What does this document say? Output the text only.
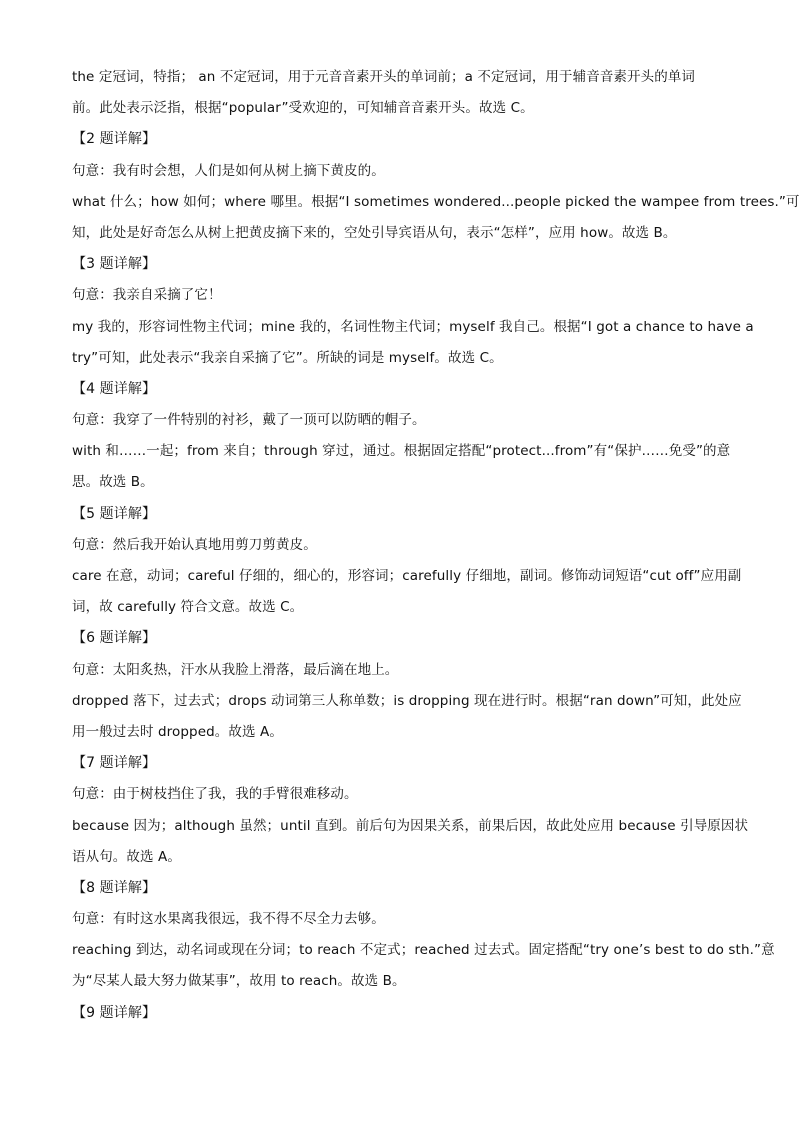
the 定冠词，特指； an 不定冠词，用于元音音素开头的单词前；a 不定冠词，用于辅音音素开头的单词
前。此处表示泛指，根据“popular”受欢迎的，可知辅音音素开头。故选 C。
【2 题详解】
句意：我有时会想，人们是如何从树上摘下黄皮的。
what 什么；how 如何；where 哪里。根据“I sometimes wondered...people picked the wampee from trees.”可
知，此处是好奇怎么从树上把黄皮摘下来的，空处引导宾语从句，表示“怎样”，应用 how。故选 B。
【3 题详解】
句意：我亲自采摘了它！
my 我的，形容词性物主代词；mine 我的，名词性物主代词；myself 我自己。根据“I got a chance to have a
try”可知，此处表示“我亲自采摘了它”。所缺的词是 myself。故选 C。
【4 题详解】
句意：我穿了一件特别的衬衫，戴了一顶可以防晒的帽子。
with 和……一起；from 来自；through 穿过，通过。根据固定搭配“protect...from”有“保护……免受”的意
思。故选 B。
【5 题详解】
句意：然后我开始认真地用剪刀剪黄皮。
care 在意，动词；careful 仔细的，细心的，形容词；carefully 仔细地，副词。修饰动词短语“cut off”应用副
词，故 carefully 符合文意。故选 C。
【6 题详解】
句意：太阳炙热，汗水从我脸上滑落，最后滴在地上。
dropped 落下，过去式；drops 动词第三人称单数；is dropping 现在进行时。根据“ran down”可知，此处应
用一般过去时 dropped。故选 A。
【7 题详解】
句意：由于树枝挡住了我，我的手臂很难移动。
because 因为；although 虽然；until 直到。前后句为因果关系，前果后因，故此处应用 because 引导原因状
语从句。故选 A。
【8 题详解】
句意：有时这水果离我很远，我不得不尽全力去够。
reaching 到达，动名词或现在分词；to reach 不定式；reached 过去式。固定搭配“try one’s best to do sth.”意
为“尽某人最大努力做某事”，故用 to reach。故选 B。
【9 题详解】
